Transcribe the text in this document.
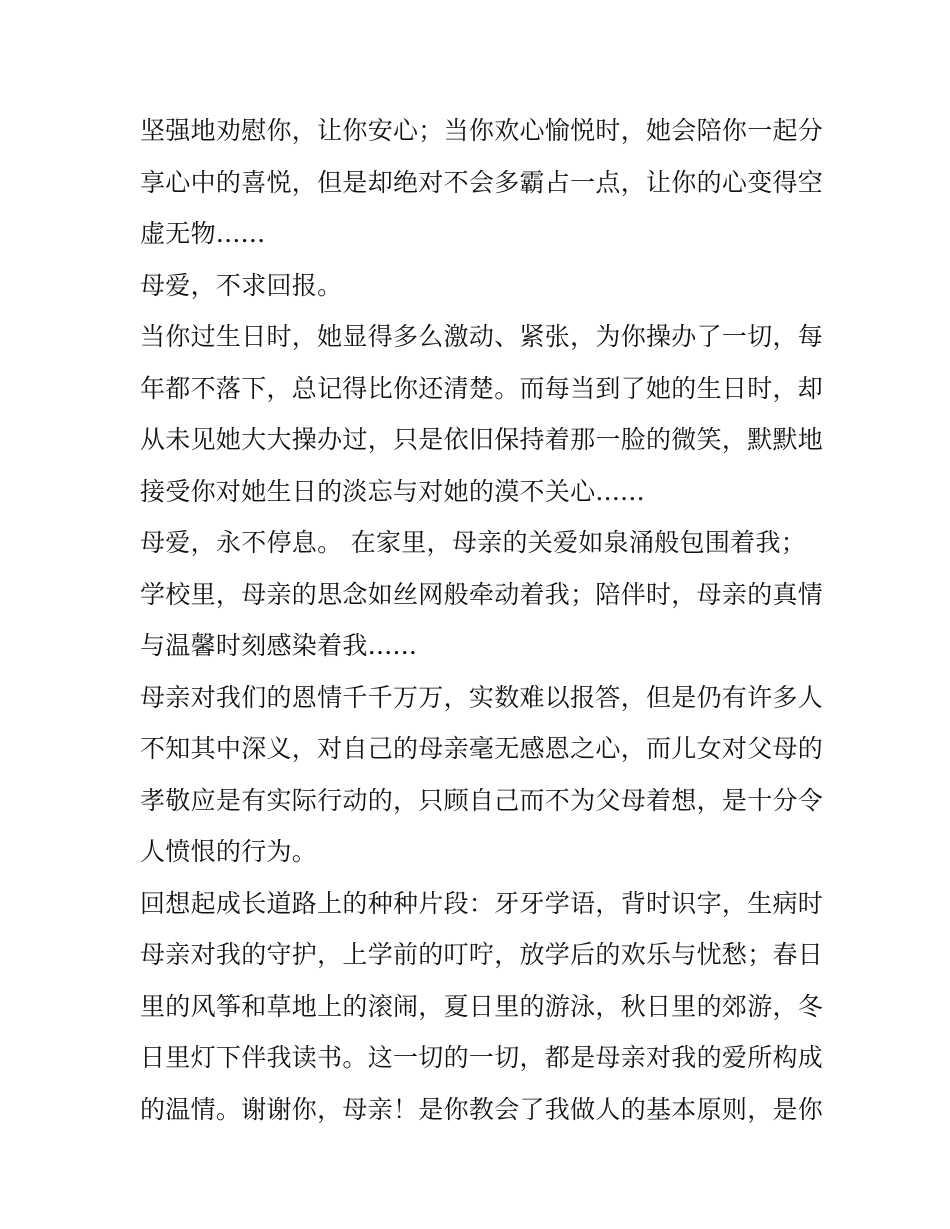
坚强地劝慰你，让你安心；当你欢心愉悦时，她会陪你一起分
享心中的喜悦，但是却绝对不会多霸占一点，让你的心变得空
虚无物......
母爱，不求回报。
当你过生日时，她显得多么激动、紧张，为你操办了一切，每
年都不落下，总记得比你还清楚。而每当到了她的生日时，却
从未见她大大操办过，只是依旧保持着那一脸的微笑，默默地
接受你对她生日的淡忘与对她的漠不关心......
母爱，永不停息。 在家里，母亲的关爱如泉涌般包围着我；
学校里，母亲的思念如丝网般牵动着我；陪伴时，母亲的真情
与温馨时刻感染着我......
母亲对我们的恩情千千万万，实数难以报答，但是仍有许多人
不知其中深义，对自己的母亲毫无感恩之心，而儿女对父母的
孝敬应是有实际行动的，只顾自己而不为父母着想，是十分令
人愤恨的行为。
回想起成长道路上的种种片段：牙牙学语，背时识字，生病时
母亲对我的守护，上学前的叮咛，放学后的欢乐与忧愁；春日
里的风筝和草地上的滚闹，夏日里的游泳，秋日里的郊游，冬
日里灯下伴我读书。这一切的一切，都是母亲对我的爱所构成
的温情。谢谢你，母亲！是你教会了我做人的基本原则，是你
